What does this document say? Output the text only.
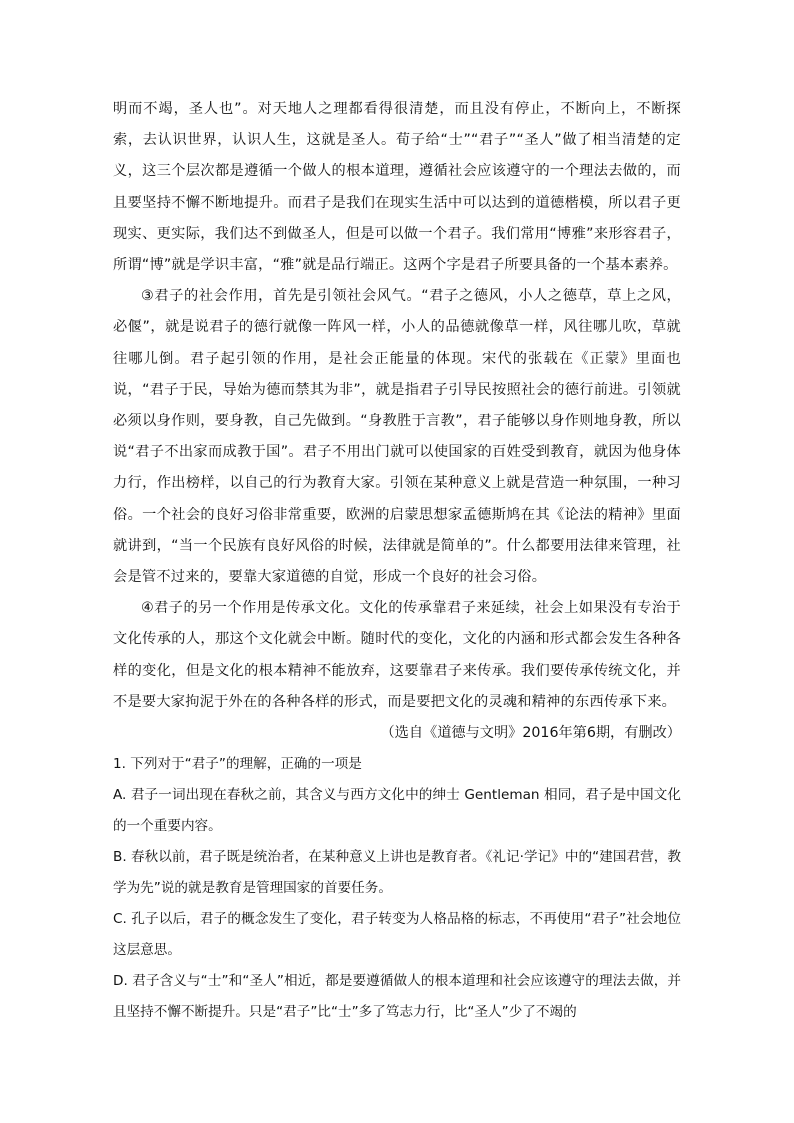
明而不竭，圣人也”。对天地人之理都看得很清楚，而且没有停止，不断向上，不断探索，去认识世界，认识人生，这就是圣人。荀子给“士”“君子”“圣人”做了相当清楚的定义，这三个层次都是遵循一个做人的根本道理，遵循社会应该遵守的一个理法去做的，而且要坚持不懈不断地提升。而君子是我们在现实生活中可以达到的道德楷模，所以君子更现实、更实际，我们达不到做圣人，但是可以做一个君子。我们常用“博雅”来形容君子，所谓“博”就是学识丰富，“雅”就是品行端正。这两个字是君子所要具备的一个基本素养。

③君子的社会作用，首先是引领社会风气。“君子之德风，小人之德草，草上之风，必偃”，就是说君子的德行就像一阵风一样，小人的品德就像草一样，风往哪儿吹，草就往哪儿倒。君子起引领的作用，是社会正能量的体现。宋代的张载在《正蒙》里面也说，“君子于民，导始为德而禁其为非”，就是指君子引导民按照社会的德行前进。引领就必须以身作则，要身教，自己先做到。“身教胜于言教”，君子能够以身作则地身教，所以说“君子不出家而成教于国”。君子不用出门就可以使国家的百姓受到教育，就因为他身体力行，作出榜样，以自己的行为教育大家。引领在某种意义上就是营造一种氛围，一种习俗。一个社会的良好习俗非常重要，欧洲的启蒙思想家孟德斯鸠在其《论法的精神》里面就讲到，“当一个民族有良好风俗的时候，法律就是简单的”。什么都要用法律来管理，社会是管不过来的，要靠大家道德的自觉，形成一个良好的社会习俗。

④君子的另一个作用是传承文化。文化的传承靠君子来延续，社会上如果没有专治于文化传承的人，那这个文化就会中断。随时代的变化，文化的内涵和形式都会发生各种各样的变化，但是文化的根本精神不能放弃，这要靠君子来传承。我们要传承传统文化，并不是要大家拘泥于外在的各种各样的形式，而是要把文化的灵魂和精神的东西传承下来。

（选自《道德与文明》2016年第6期，有删改）

1. 下列对于“君子”的理解，正确的一项是

A. 君子一词出现在春秋之前，其含义与西方文化中的绅士 Gentleman 相同，君子是中国文化的一个重要内容。

B. 春秋以前，君子既是统治者，在某种意义上讲也是教育者。《礼记·学记》中的“建国君营，教学为先”说的就是教育是管理国家的首要任务。

C. 孔子以后，君子的概念发生了变化，君子转变为人格品格的标志，不再使用“君子”社会地位这层意思。

D. 君子含义与“士”和“圣人”相近，都是要遵循做人的根本道理和社会应该遵守的理法去做，并且坚持不懈不断提升。只是“君子”比“士”多了笃志力行，比“圣人”少了不竭的
